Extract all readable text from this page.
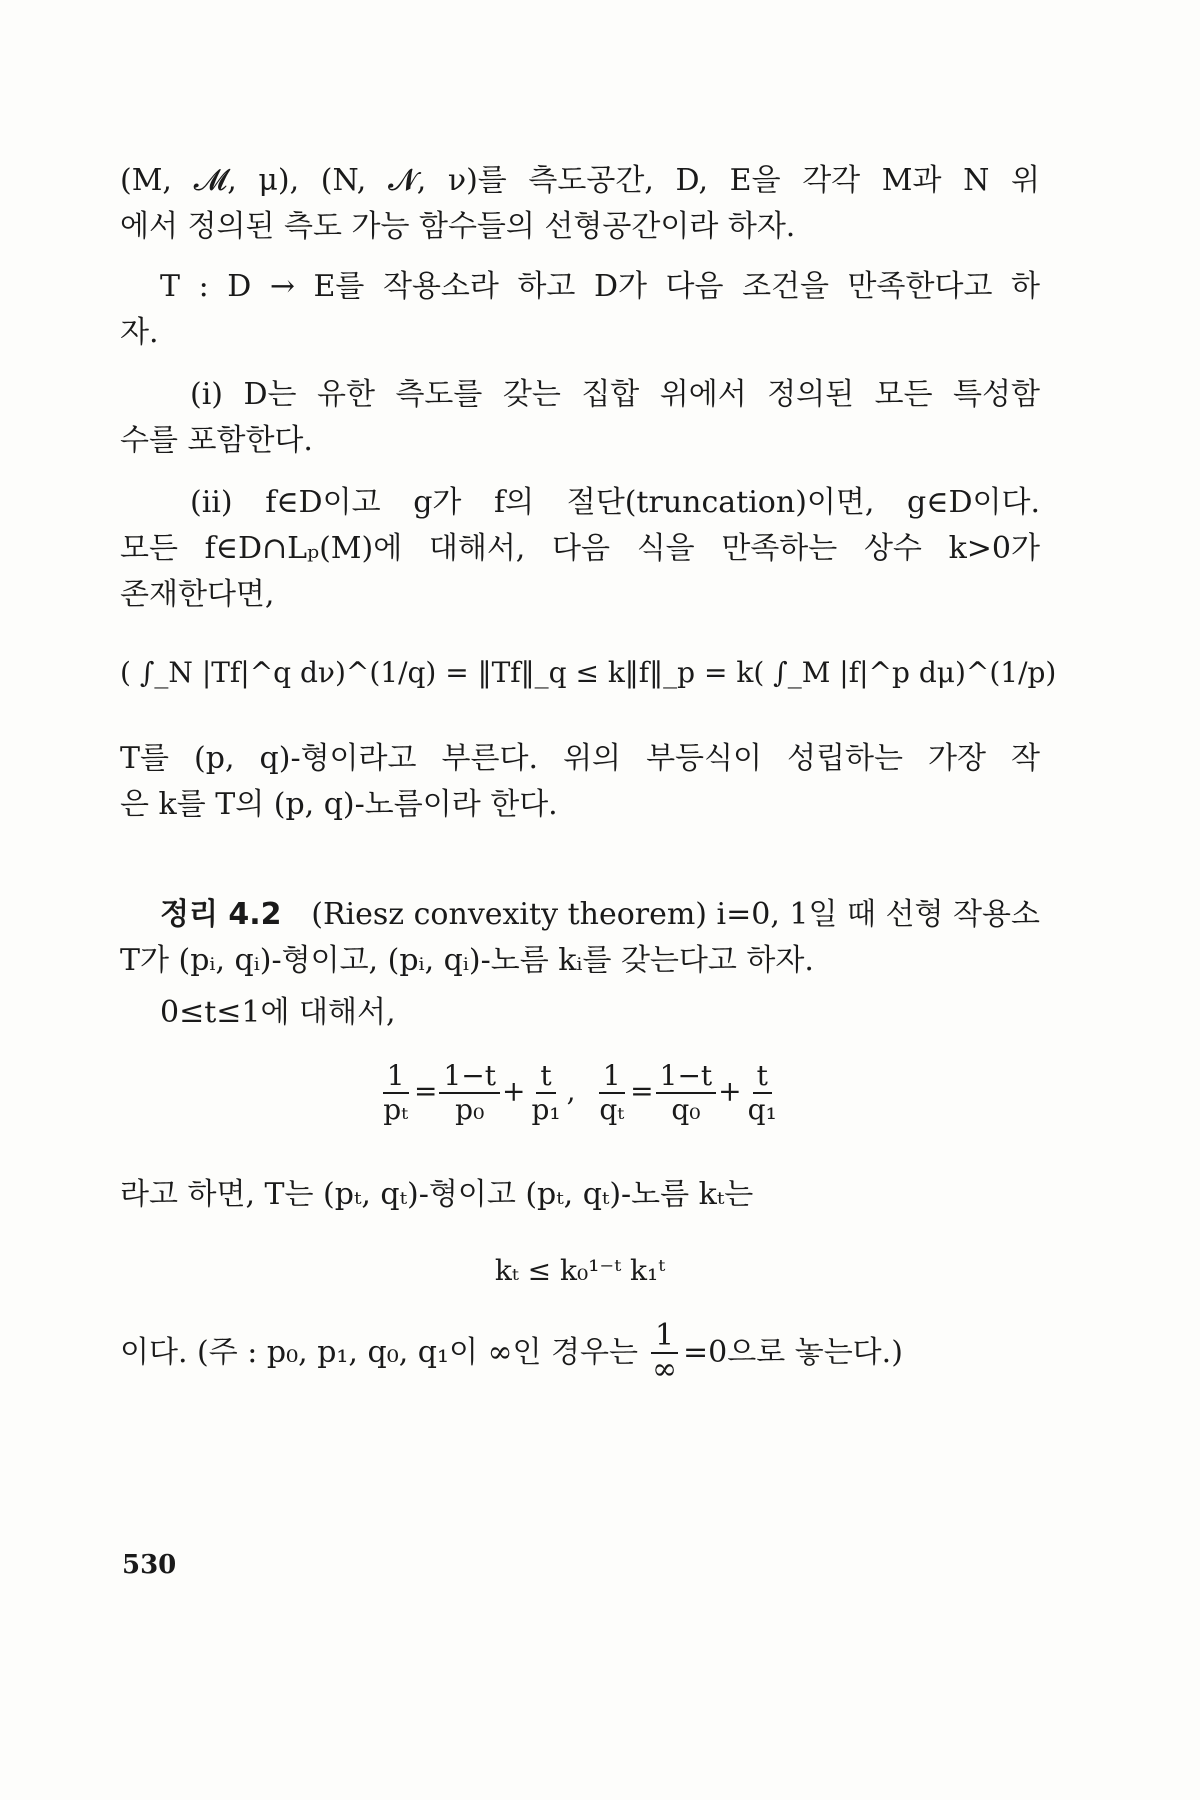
(M, 𝓜, μ), (N, 𝓝, ν)를 측도공간, D, E을 각각 M과 N 위
에서 정의된 측도 가능 함수들의 선형공간이라 하자.
T : D → E를 작용소라 하고 D가 다음 조건을 만족한다고 하
자.
(i) D는 유한 측도를 갖는 집합 위에서 정의된 모든 특성함
수를 포함한다.
(ii) f∈D이고 g가 f의 절단(truncation)이면, g∈D이다.
모든 f∈D∩Lₚ(M)에 대해서, 다음 식을 만족하는 상수 k>0가
존재한다면,
( ∫_N |Tf|^q dν)^(1/q) = ‖Tf‖_q ≤ k‖f‖_p = k( ∫_M |f|^p dμ)^(1/p)
T를 (p, q)-형이라고 부른다. 위의 부등식이 성립하는 가장 작
은 k를 T의 (p, q)-노름이라 한다.
정리 4.2 (Riesz convexity theorem) i=0, 1일 때 선형 작용소
T가 (pᵢ, qᵢ)-형이고, (pᵢ, qᵢ)-노름 kᵢ를 갖는다고 하자.
0≤t≤1에 대해서,
$\frac{1}{\text{pₜ}} = \frac{1-t}{\text{p₀}} + \frac{t}{\text{p₁}}$ , $\frac{1}{\text{qₜ}} = \frac{1-t}{\text{q₀}} + \frac{t}{\text{q₁}}$
라고 하면, T는 (pₜ, qₜ)-형이고 (pₜ, qₜ)-노름 kₜ는
kₜ ≤ k₀¹⁻ᵗ k₁ᵗ
이다. (주 : p₀, p₁, q₀, q₁이 ∞인 경우는 $\frac{1}{\infty} =0$으로 놓는다.)
530
